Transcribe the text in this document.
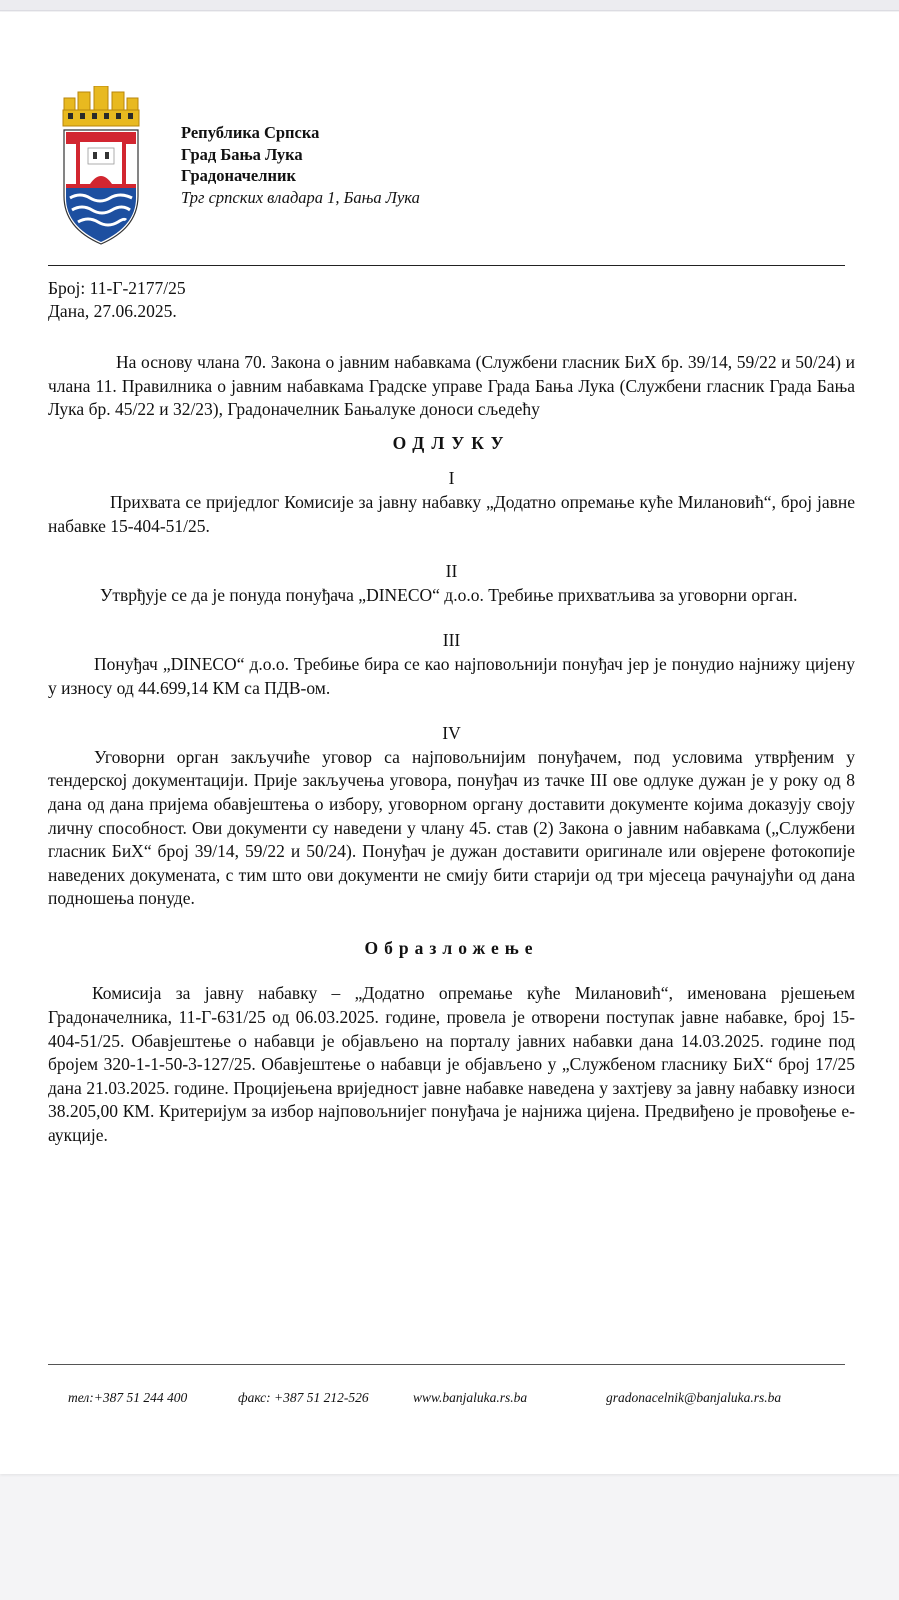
Република Српска
Град Бања Лука
Градоначелник
Трг српских владара 1, Бања Лука
Број: 11-Г-2177/25
Дана, 27.06.2025.

На основу члана 70. Закона о јавним набавкама (Службени гласник БиХ бр. 39/14, 59/22 и 50/24) и члана 11. Правилника о јавним набавкама Градске управе Града Бања Лука (Службени гласник Града Бања Лука бр. 45/22 и 32/23), Градоначелник Бањалуке доноси сљедећу

ОДЛУКУ

I

Прихвата се приједлог Комисије за јавну набавку „Додатно опремање куће Милановић“, број јавне набавке 15-404-51/25.

II

Утврђује се да је понуда понуђача „DINECO“ д.о.о. Требиње прихватљива за уговорни орган.

III

Понуђач „DINECO“ д.о.о. Требиње бира се као најповољнији понуђач јер је понудио најнижу цијену у износу од 44.699,14 КМ са ПДВ-ом.

IV

Уговорни орган закључиће уговор са најповољнијим понуђачем, под условима утврђеним у тендерској документацији. Прије закључења уговора, понуђач из тачке III ове одлуке дужан је у року од 8 дана од дана пријема обавјештења о избору, уговорном органу доставити документе којима доказују своју личну способност. Ови документи су наведени у члану 45. став (2) Закона о јавним набавкама („Службени гласник БиХ“ број 39/14, 59/22 и 50/24). Понуђач је дужан доставити оригинале или овјерене фотокопије наведених докумената, с тим што ови документи не смију бити старији од три мјесеца рачунајући од дана подношења понуде.

Образложење

Комисија за јавну набавку – „Додатно опремање куће Милановић“, именована рјешењем Градоначелника, 11-Г-631/25 од 06.03.2025. године, провела је отворени поступак јавне набавке, број 15-404-51/25. Обавјештење о набавци је објављено на порталу јавних набавки дана 14.03.2025. године под бројем 320-1-1-50-3-127/25. Обавјештење о набавци је објављено у „Службеном гласнику БиХ“ број 17/25 дана 21.03.2025. године. Процијењена вриједност јавне набавке наведена у захтјеву за јавну набавку износи 38.205,00 КМ. Критеријум за избор најповољнијег понуђача је најнижа цијена. Предвиђено је провођење е-аукције.

тел:+387 51 244 400	факс: +387 51 212-526	www.banjaluka.rs.ba	gradonacelnik@banjaluka.rs.ba
